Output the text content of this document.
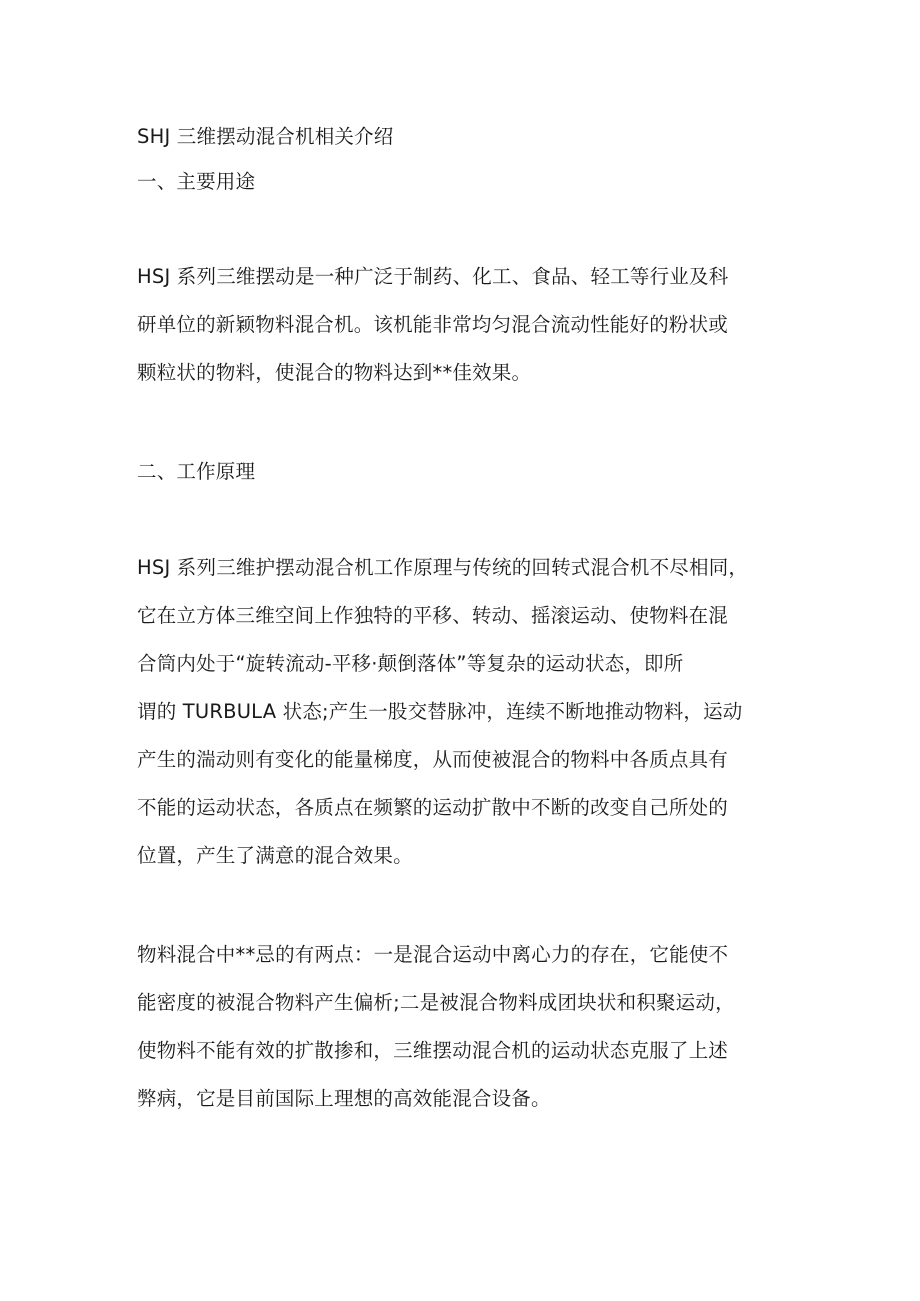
SHJ 三维摆动混合机相关介绍
一、主要用途
HSJ 系列三维摆动是一种广泛于制药、化工、食品、轻工等行业及科
研单位的新颖物料混合机。该机能非常均匀混合流动性能好的粉状或
颗粒状的物料，使混合的物料达到**佳效果。
二、工作原理
HSJ 系列三维护摆动混合机工作原理与传统的回转式混合机不尽相同，
它在立方体三维空间上作独特的平移、转动、摇滚运动、使物料在混
合筒内处于“旋转流动-平移·颠倒落体”等复杂的运动状态，即所
谓的 TURBULA 状态;产生一股交替脉冲，连续不断地推动物料，运动
产生的湍动则有变化的能量梯度，从而使被混合的物料中各质点具有
不能的运动状态，各质点在频繁的运动扩散中不断的改变自己所处的
位置，产生了满意的混合效果。
物料混合中**忌的有两点：一是混合运动中离心力的存在，它能使不
能密度的被混合物料产生偏析;二是被混合物料成团块状和积聚运动，
使物料不能有效的扩散掺和，三维摆动混合机的运动状态克服了上述
弊病，它是目前国际上理想的高效能混合设备。
